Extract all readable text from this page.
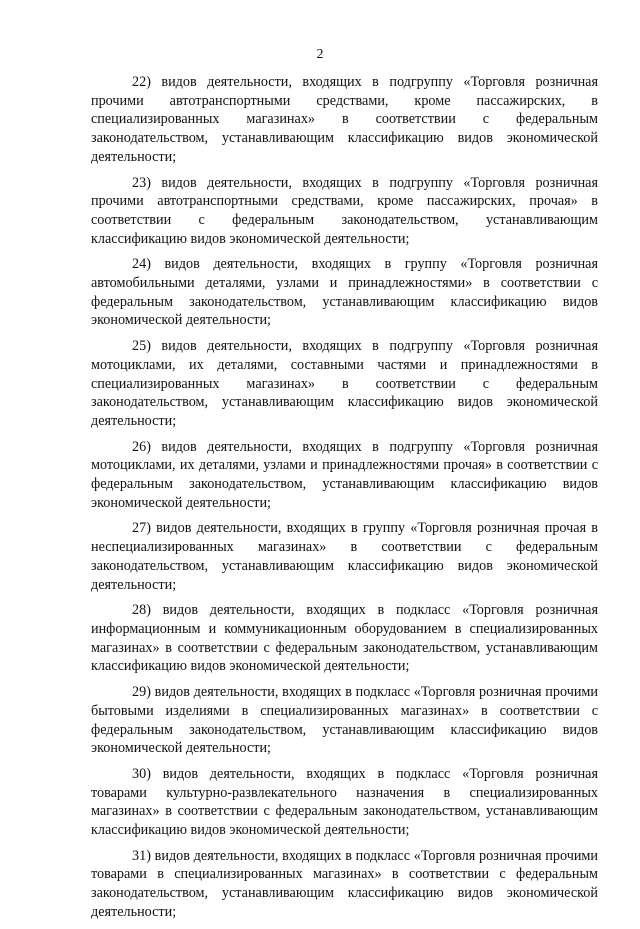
2

22) видов деятельности, входящих в подгруппу «Торговля розничная прочими автотранспортными средствами, кроме пассажирских, в специализированных магазинах» в соответствии с федеральным законодательством, устанавливающим классификацию видов экономической деятельности;

23) видов деятельности, входящих в подгруппу «Торговля розничная прочими автотранспортными средствами, кроме пассажирских, прочая» в соответствии с федеральным законодательством, устанавливающим классификацию видов экономической деятельности;

24) видов деятельности, входящих в группу «Торговля розничная автомобильными деталями, узлами и принадлежностями» в соответствии с федеральным законодательством, устанавливающим классификацию видов экономической деятельности;

25) видов деятельности, входящих в подгруппу «Торговля розничная мотоциклами, их деталями, составными частями и принадлежностями в специализированных магазинах» в соответствии с федеральным законодательством, устанавливающим классификацию видов экономической деятельности;

26) видов деятельности, входящих в подгруппу «Торговля розничная мотоциклами, их деталями, узлами и принадлежностями прочая» в соответствии с федеральным законодательством, устанавливающим классификацию видов экономической деятельности;

27) видов деятельности, входящих в группу «Торговля розничная прочая в неспециализированных магазинах» в соответствии с федеральным законодательством, устанавливающим классификацию видов экономической деятельности;

28) видов деятельности, входящих в подкласс «Торговля розничная информационным и коммуникационным оборудованием в специализированных магазинах» в соответствии с федеральным законодательством, устанавливающим классификацию видов экономической деятельности;

29) видов деятельности, входящих в подкласс «Торговля розничная прочими бытовыми изделиями в специализированных магазинах» в соответствии с федеральным законодательством, устанавливающим классификацию видов экономической деятельности;

30) видов деятельности, входящих в подкласс «Торговля розничная товарами культурно-развлекательного назначения в специализированных магазинах» в соответствии с федеральным законодательством, устанавливающим классификацию видов экономической деятельности;

31) видов деятельности, входящих в подкласс «Торговля розничная прочими товарами в специализированных магазинах» в соответствии с федеральным законодательством, устанавливающим классификацию видов экономической деятельности;
